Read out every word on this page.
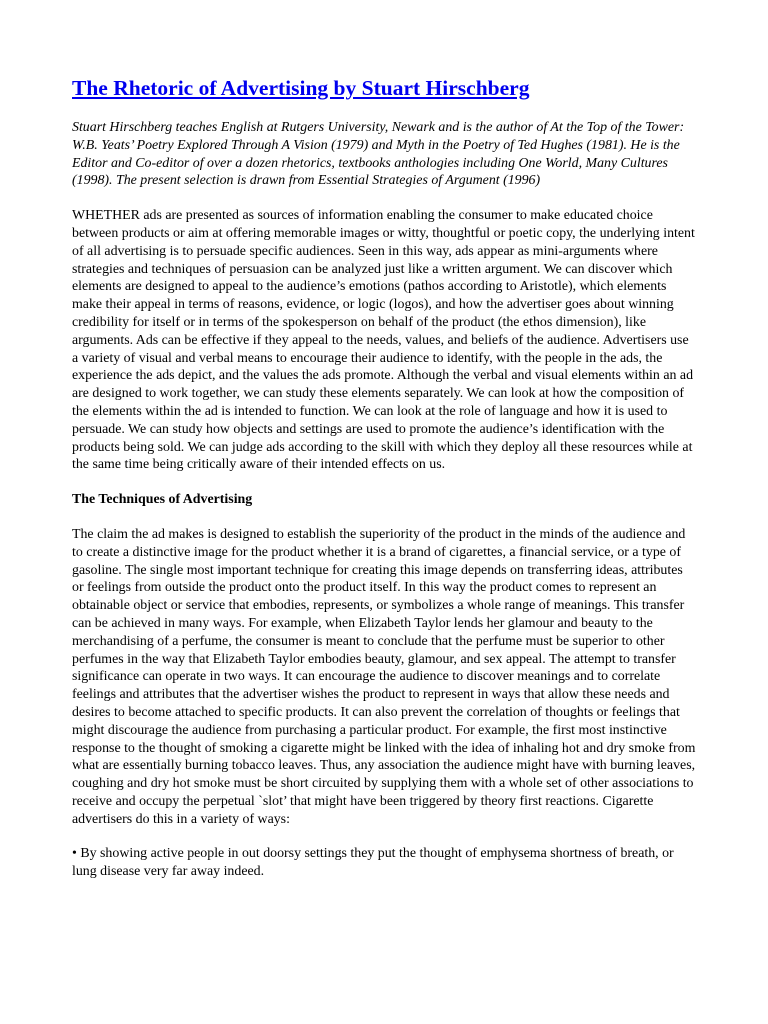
The Rhetoric of Advertising by Stuart Hirschberg

Stuart Hirschberg teaches English at Rutgers University, Newark and is the author of At the Top of the Tower: W.B. Yeats’ Poetry Explored Through A Vision (1979) and Myth in the Poetry of Ted Hughes (1981). He is the Editor and Co-editor of over a dozen rhetorics, textbooks anthologies including One World, Many Cultures (1998). The present selection is drawn from Essential Strategies of Argument (1996)

WHETHER ads are presented as sources of information enabling the consumer to make educated choice between products or aim at offering memorable images or witty, thoughtful or poetic copy, the underlying intent of all advertising is to persuade specific audiences. Seen in this way, ads appear as mini-arguments where strategies and techniques of persuasion can be analyzed just like a written argument. We can discover which elements are designed to appeal to the audience’s emotions (pathos according to Aristotle), which elements make their appeal in terms of reasons, evidence, or logic (logos), and how the advertiser goes about winning credibility for itself or in terms of the spokesperson on behalf of the product (the ethos dimension), like arguments. Ads can be effective if they appeal to the needs, values, and beliefs of the audience. Advertisers use a variety of visual and verbal means to encourage their audience to identify, with the people in the ads, the experience the ads depict, and the values the ads promote. Although the verbal and visual elements within an ad are designed to work together, we can study these elements separately. We can look at how the composition of the elements within the ad is intended to function. We can look at the role of language and how it is used to persuade. We can study how objects and settings are used to promote the audience’s identification with the products being sold. We can judge ads according to the skill with which they deploy all these resources while at the same time being critically aware of their intended effects on us.

The Techniques of Advertising

The claim the ad makes is designed to establish the superiority of the product in the minds of the audience and to create a distinctive image for the product whether it is a brand of cigarettes, a financial service, or a type of gasoline. The single most important technique for creating this image depends on transferring ideas, attributes or feelings from outside the product onto the product itself. In this way the product comes to represent an obtainable object or service that embodies, represents, or symbolizes a whole range of meanings. This transfer can be achieved in many ways. For example, when Elizabeth Taylor lends her glamour and beauty to the merchandising of a perfume, the consumer is meant to conclude that the perfume must be superior to other perfumes in the way that Elizabeth Taylor embodies beauty, glamour, and sex appeal. The attempt to transfer significance can operate in two ways. It can encourage the audience to discover meanings and to correlate feelings and attributes that the advertiser wishes the product to represent in ways that allow these needs and desires to become attached to specific products. It can also prevent the correlation of thoughts or feelings that might discourage the audience from purchasing a particular product. For example, the first most instinctive response to the thought of smoking a cigarette might be linked with the idea of inhaling hot and dry smoke from what are essentially burning tobacco leaves. Thus, any association the audience might have with burning leaves, coughing and dry hot smoke must be short circuited by supplying them with a whole set of other associations to receive and occupy the perpetual `slot’ that might have been triggered by theory first reactions. Cigarette advertisers do this in a variety of ways:

• By showing active people in out doorsy settings they put the thought of emphysema shortness of breath, or lung disease very far away indeed.
